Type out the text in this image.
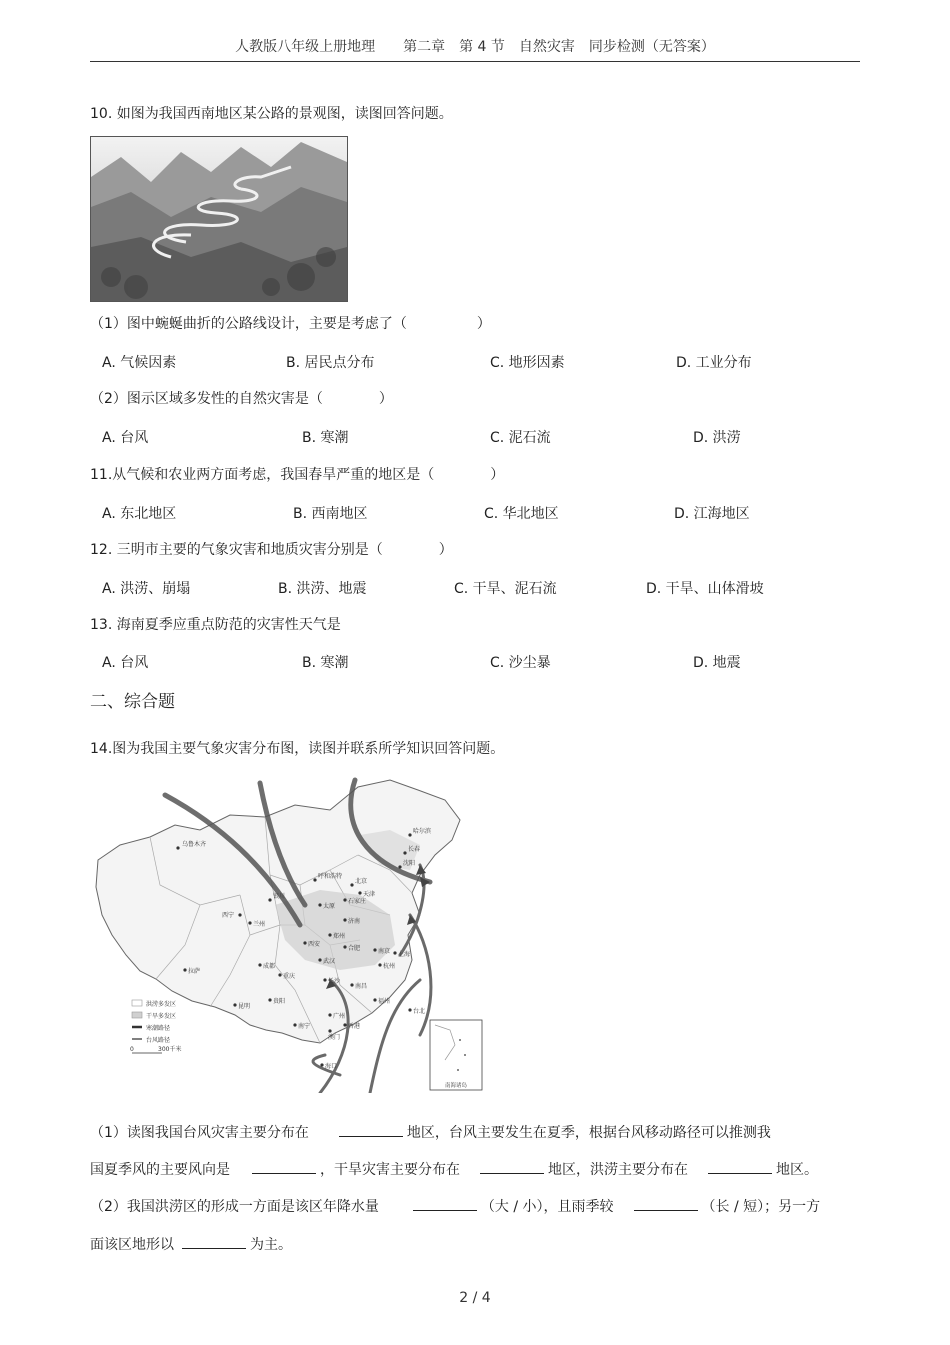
人教版八年级上册地理　　第二章　第 4 节　自然灾害　同步检测（无答案）
10. 如图为我国西南地区某公路的景观图，读图回答问题。
（1）图中蜿蜒曲折的公路线设计，主要是考虑了（　　　　　）
A. 气候因素	B. 居民点分布	C. 地形因素	D. 工业分布
（2）图示区域多发性的自然灾害是（　　　　）
A. 台风	B. 寒潮	C. 泥石流	D. 洪涝
11.从气候和农业两方面考虑，我国春旱严重的地区是（　　　　）
A. 东北地区	B. 西南地区	C. 华北地区	D. 江海地区
12. 三明市主要的气象灾害和地质灾害分别是（　　　　）
A. 洪涝、崩塌	B. 洪涝、地震	C. 干旱、泥石流	D. 干旱、山体滑坡
13. 海南夏季应重点防范的灾害性天气是
A. 台风	B. 寒潮	C. 沙尘暴	D. 地震
二、综合题
14.图为我国主要气象灾害分布图，读图并联系所学知识回答问题。
乌鲁木齐
哈尔滨
长春
沈阳
呼和浩特
北京
天津
银川
石家庄
太原
济南
西宁
兰州
郑州
拉萨
西安
合肥	南京 上海
成都
武汉
杭州
重庆
长沙
南昌
贵阳	福州
昆明
广州
台北
南宁	香港
澳门
海口
洪涝多发区
干旱多发区
寒潮路径
台风路径
0	300千米
南海诸岛
（1）读图我国台风灾害主要分布在	地区，台风主要发生在夏季，根据台风移动路径可以推测我
国夏季风的主要风向是	，干旱灾害主要分布在	地区，洪涝主要分布在	地区。
（2）我国洪涝区的形成一方面是该区年降水量	（大 / 小），且雨季较	（长 / 短）；另一方
面该区地形以	为主。
2 / 4
